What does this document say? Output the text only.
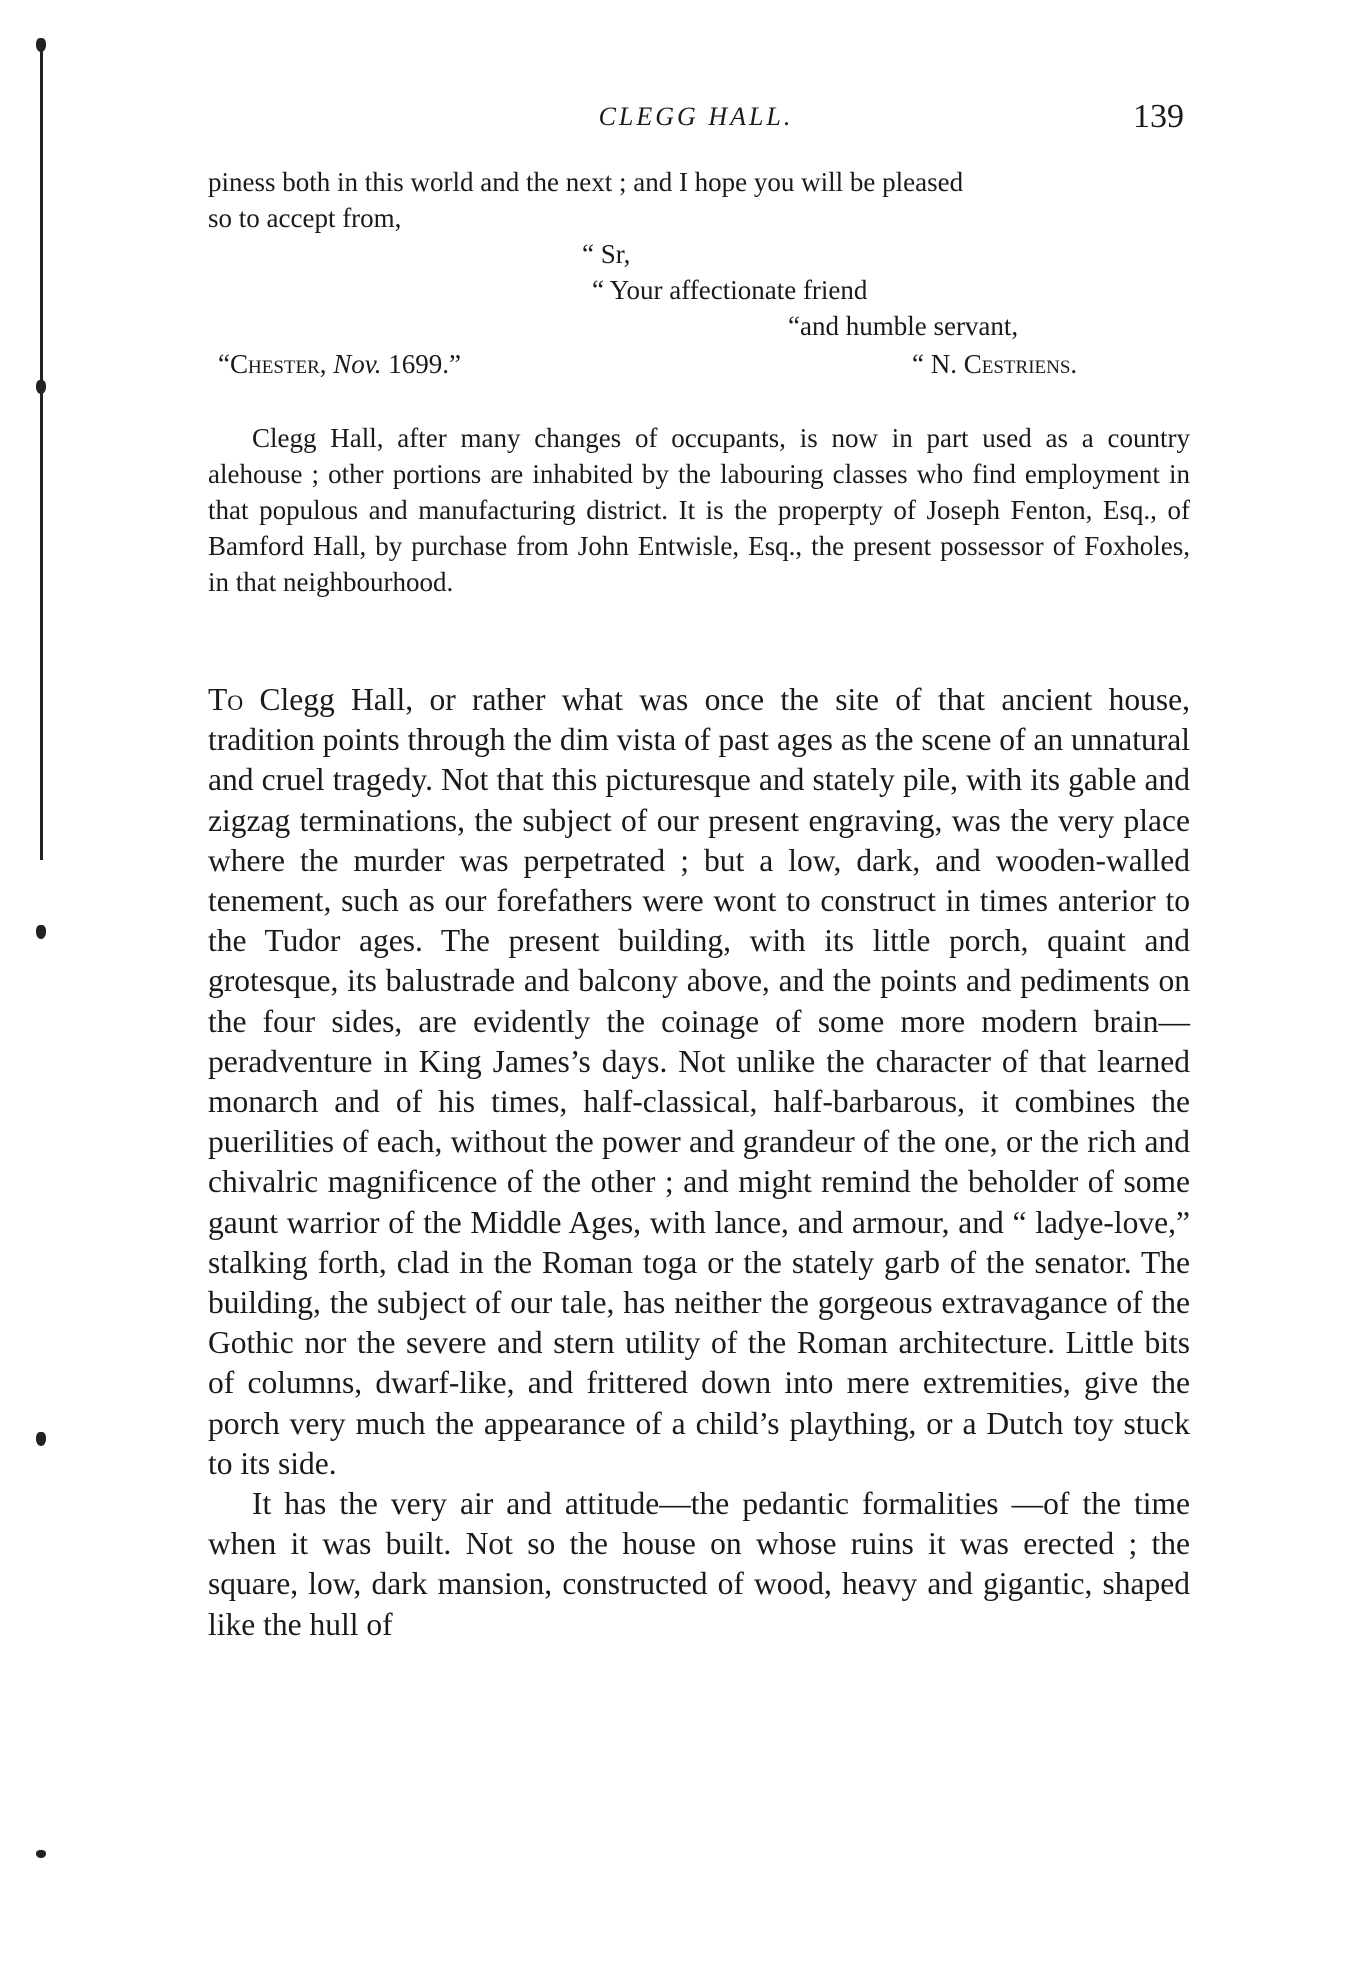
CLEGG HALL.	139

piness both in this world and the next ; and I hope you will be pleased

so to accept from,

“ Sr,
“ Your affectionate friend
“and humble servant,
“Chester, Nov. 1699.”	“ N. Cestriens.

Clegg Hall, after many changes of occupants, is now in part used as a country alehouse ; other portions are inhabited by the labouring classes who find employment in that populous and manufacturing district. It is the properpty of Joseph Fenton, Esq., of Bamford Hall, by purchase from John Entwisle, Esq., the present possessor of Foxholes, in that neighbourhood.

To Clegg Hall, or rather what was once the site of that ancient house, tradition points through the dim vista of past ages as the scene of an unnatural and cruel tragedy. Not that this picturesque and stately pile, with its gable and zigzag terminations, the subject of our present engraving, was the very place where the murder was perpetrated ; but a low, dark, and wooden-walled tenement, such as our forefathers were wont to construct in times anterior to the Tudor ages. The present building, with its little porch, quaint and grotesque, its balustrade and balcony above, and the points and pediments on the four sides, are evidently the coinage of some more modern brain—peradventure in King James’s days. Not unlike the character of that learned monarch and of his times, half-classical, half-barbarous, it combines the puerilities of each, without the power and grandeur of the one, or the rich and chivalric magnificence of the other ; and might remind the beholder of some gaunt warrior of the Middle Ages, with lance, and armour, and “ ladye-love,” stalking forth, clad in the Roman toga or the stately garb of the senator. The building, the subject of our tale, has neither the gorgeous extravagance of the Gothic nor the severe and stern utility of the Roman architecture. Little bits of columns, dwarf-like, and frittered down into mere extremities, give the porch very much the appearance of a child’s plaything, or a Dutch toy stuck to its side.

It has the very air and attitude—the pedantic formalities —of the time when it was built. Not so the house on whose ruins it was erected ; the square, low, dark mansion, constructed of wood, heavy and gigantic, shaped like the hull of
